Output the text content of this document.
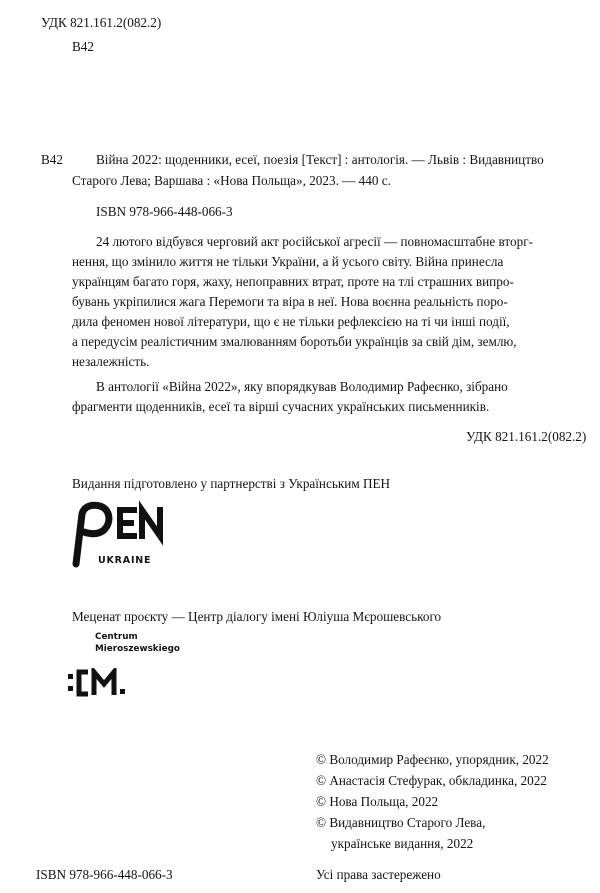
УДК 821.161.2(082.2)
В42
В42	Війна 2022: щоденники, есеї, поезія [Текст] : антологія. — Львів : Видавництво
Старого Лева; Варшава : «Нова Польща», 2023. — 440 с.
ISBN 978-966-448-066-3
24 лютого відбувся черговий акт російської агресії — повномасштабне вторг-
нення, що змінило життя не тільки України, а й усього світу. Війна принесла
українцям багато горя, жаху, непоправних втрат, проте на тлі страшних випро-
бувань укріпилися жага Перемоги та віра в неї. Нова воєнна реальність поро-
дила феномен нової літератури, що є не тільки рефлексією на ті чи інші події,
а передусім реалістичним змалюванням боротьби українців за свій дім, землю,
незалежність.
В антології «Війна 2022», яку впорядкував Володимир Рафеєнко, зібрано
фрагменти щоденників, есеї та вірші сучасних українських письменників.
УДК 821.161.2(082.2)
Видання підготовлено у партнерстві з Українським ПЕН
UKRAINE
Меценат проєкту — Центр діалогу імені Юліуша Мєрошевського
Centrum
Mieroszewskiego
© Володимир Рафеєнко, упорядник, 2022
© Анастасія Стефурак, обкладинка, 2022
© Нова Польща, 2022
© Видавництво Старого Лева,
українське видання, 2022
ISBN 978-966-448-066-3	Усі права застережено
